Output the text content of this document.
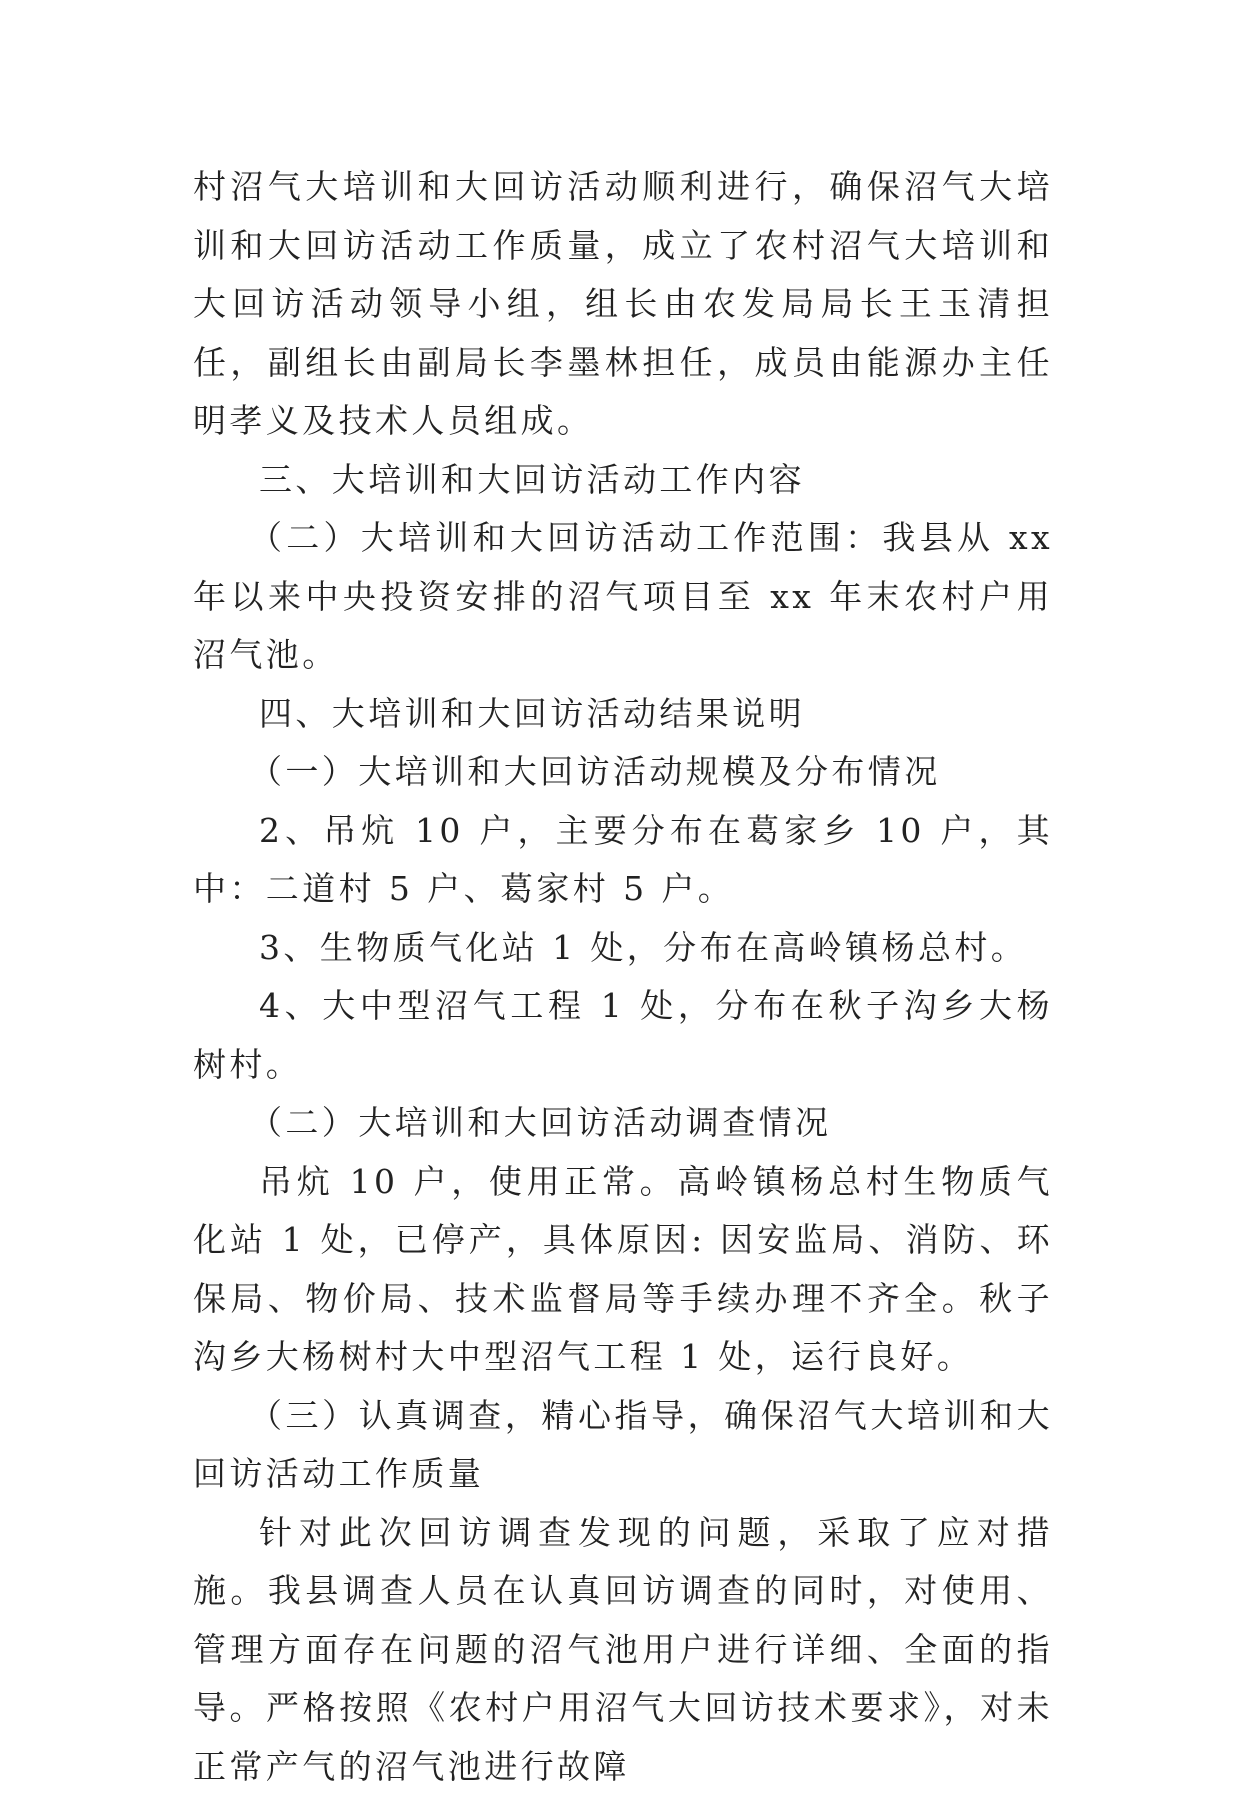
村沼气大培训和大回访活动顺利进行，确保沼气大培训和大回访活动工作质量，成立了农村沼气大培训和大回访活动领导小组，组长由农发局局长王玉清担任，副组长由副局长李墨林担任，成员由能源办主任明孝义及技术人员组成。

三、大培训和大回访活动工作内容

（二）大培训和大回访活动工作范围：我县从 xx 年以来中央投资安排的沼气项目至 xx 年末农村户用沼气池。

四、大培训和大回访活动结果说明

（一）大培训和大回访活动规模及分布情况

2、吊炕 10 户，主要分布在葛家乡 10 户，其中：二道村 5 户、葛家村 5 户。

3、生物质气化站 1 处，分布在高岭镇杨总村。

4、大中型沼气工程 1 处，分布在秋子沟乡大杨树村。

（二）大培训和大回访活动调查情况

吊炕 10 户，使用正常。高岭镇杨总村生物质气化站 1 处，已停产，具体原因: 因安监局、消防、环保局、物价局、技术监督局等手续办理不齐全。秋子沟乡大杨树村大中型沼气工程 1 处，运行良好。

（三）认真调查，精心指导，确保沼气大培训和大回访活动工作质量

针对此次回访调查发现的问题，采取了应对措施。我县调查人员在认真回访调查的同时，对使用、管理方面存在问题的沼气池用户进行详细、全面的指导。严格按照《农村户用沼气大回访技术要求》，对未正常产气的沼气池进行故障
